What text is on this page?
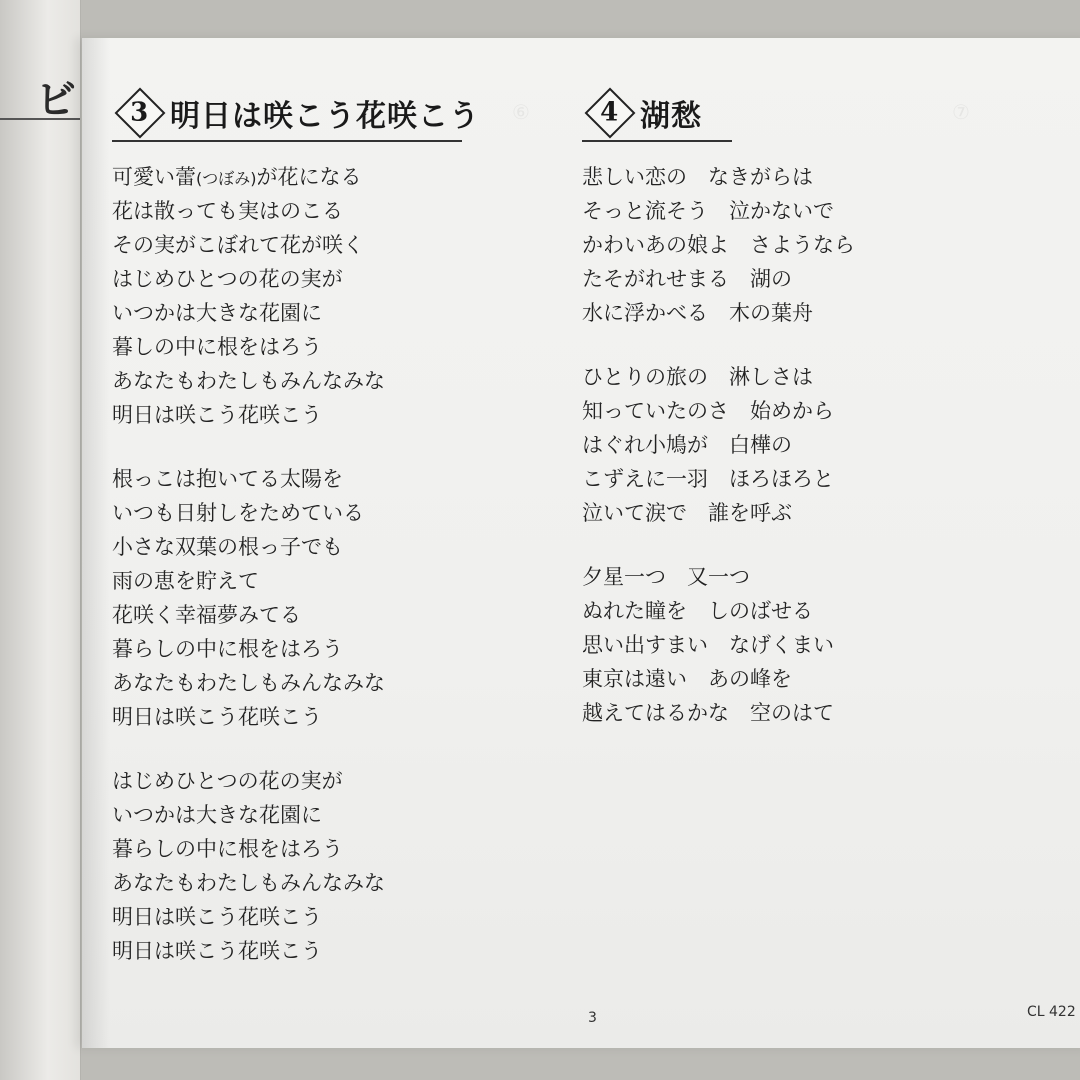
ビ	⑥	⑦
3 明日は咲こう花咲こう
可愛い蕾(つぼみ)が花になる
花は散っても実はのこる
その実がこぼれて花が咲く
はじめひとつの花の実が
いつかは大きな花園に
暮しの中に根をはろう
あなたもわたしもみんなみな
明日は咲こう花咲こう
根っこは抱いてる太陽を
いつも日射しをためている
小さな双葉の根っ子でも
雨の恵を貯えて
花咲く幸福夢みてる
暮らしの中に根をはろう
あなたもわたしもみんなみな
明日は咲こう花咲こう
はじめひとつの花の実が
いつかは大きな花園に
暮らしの中に根をはろう
あなたもわたしもみんなみな
明日は咲こう花咲こう
明日は咲こう花咲こう
4 湖愁
悲しい恋の　なきがらは
そっと流そう　泣かないで
かわいあの娘よ　さようなら
たそがれせまる　湖の
水に浮かべる　木の葉舟
ひとりの旅の　淋しさは
知っていたのさ　始めから
はぐれ小鳩が　白樺の
こずえに一羽　ほろほろと
泣いて涙で　誰を呼ぶ
夕星一つ　又一つ
ぬれた瞳を　しのばせる
思い出すまい　なげくまい
東京は遠い　あの峰を
越えてはるかな　空のはて
3	CL 422
